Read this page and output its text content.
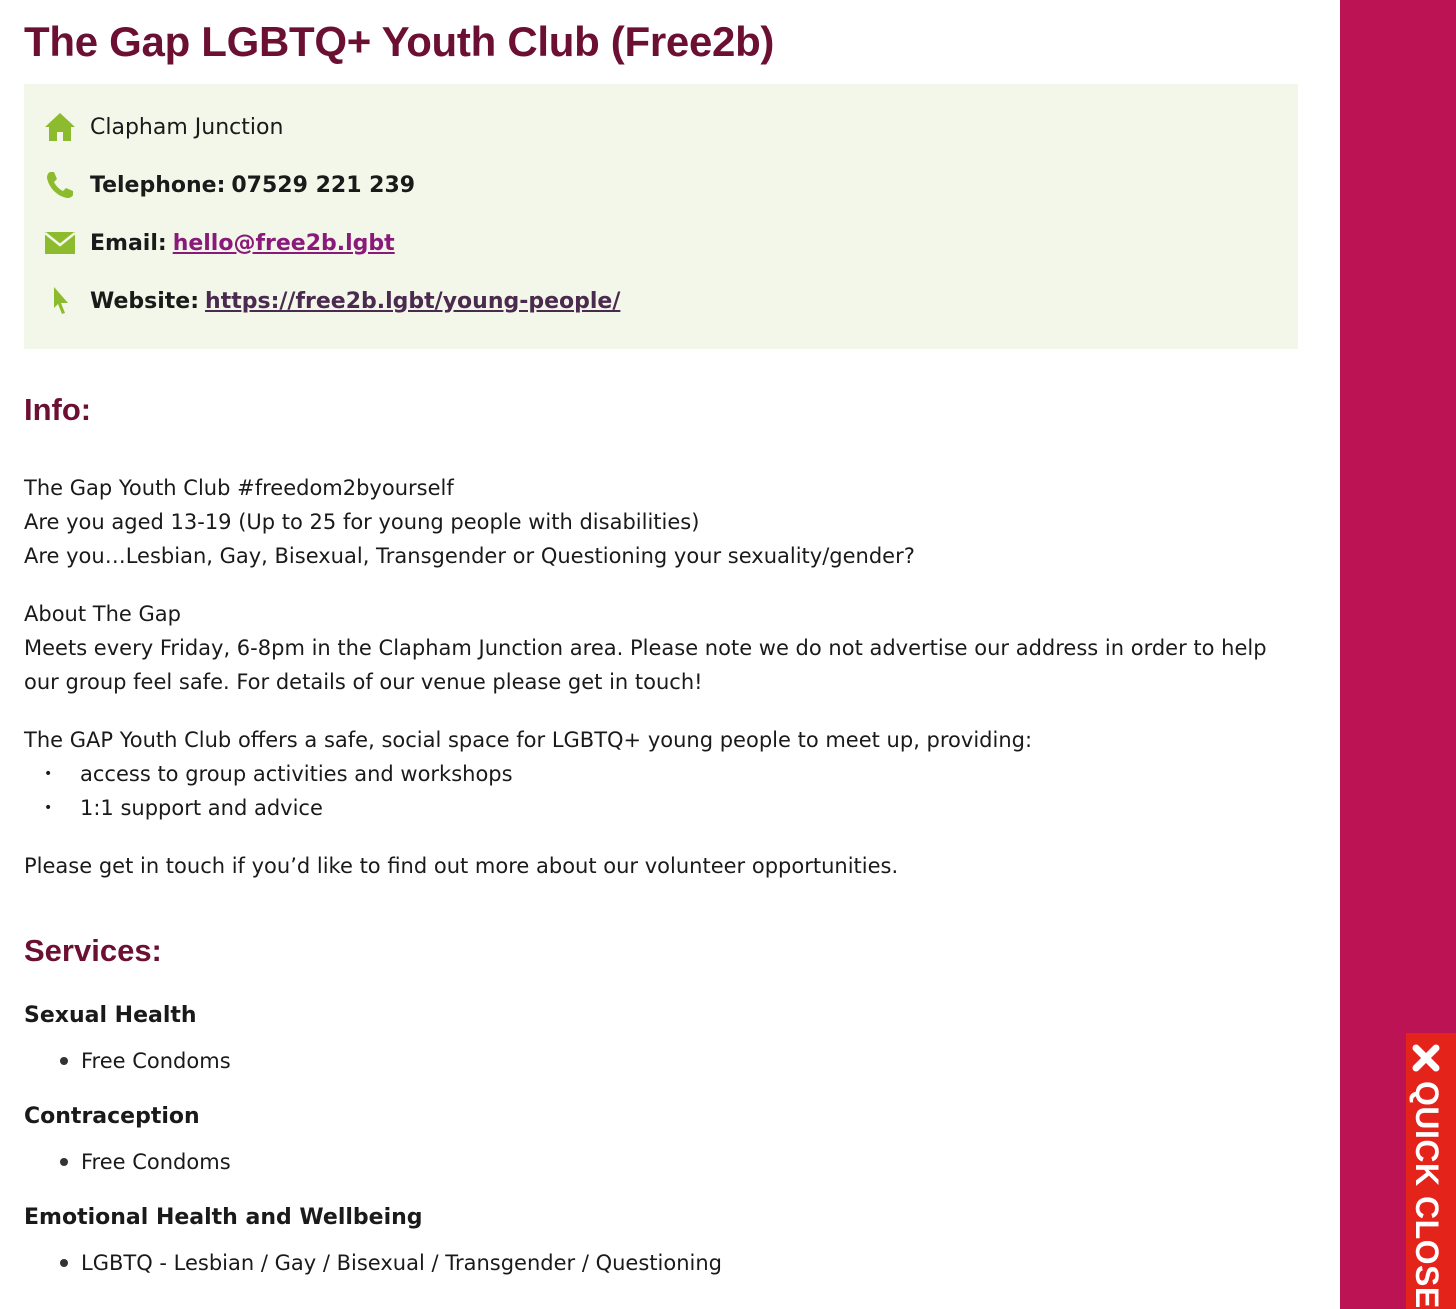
The Gap LGBTQ+ Youth Club (Free2b)
Clapham Junction
Telephone: 07529 221 239
Email: hello@free2b.lgbt
Website: https://free2b.lgbt/young-people/
Info:
The Gap Youth Club #freedom2byourself
Are you aged 13-19 (Up to 25 for young people with disabilities)
Are you…Lesbian, Gay, Bisexual, Transgender or Questioning your sexuality/gender?
About The Gap
Meets every Friday, 6-8pm in the Clapham Junction area. Please note we do not advertise our address in order to help our group feel safe. For details of our venue please get in touch!
The GAP Youth Club offers a safe, social space for LGBTQ+ young people to meet up, providing:
•	access to group activities and workshops
•	1:1 support and advice
Please get in touch if you’d like to find out more about our volunteer opportunities.
Services:
Sexual Health
Free Condoms
Contraception
Free Condoms
Emotional Health and Wellbeing
LGBTQ - Lesbian / Gay / Bisexual / Transgender / Questioning	QUICK CLOSE
